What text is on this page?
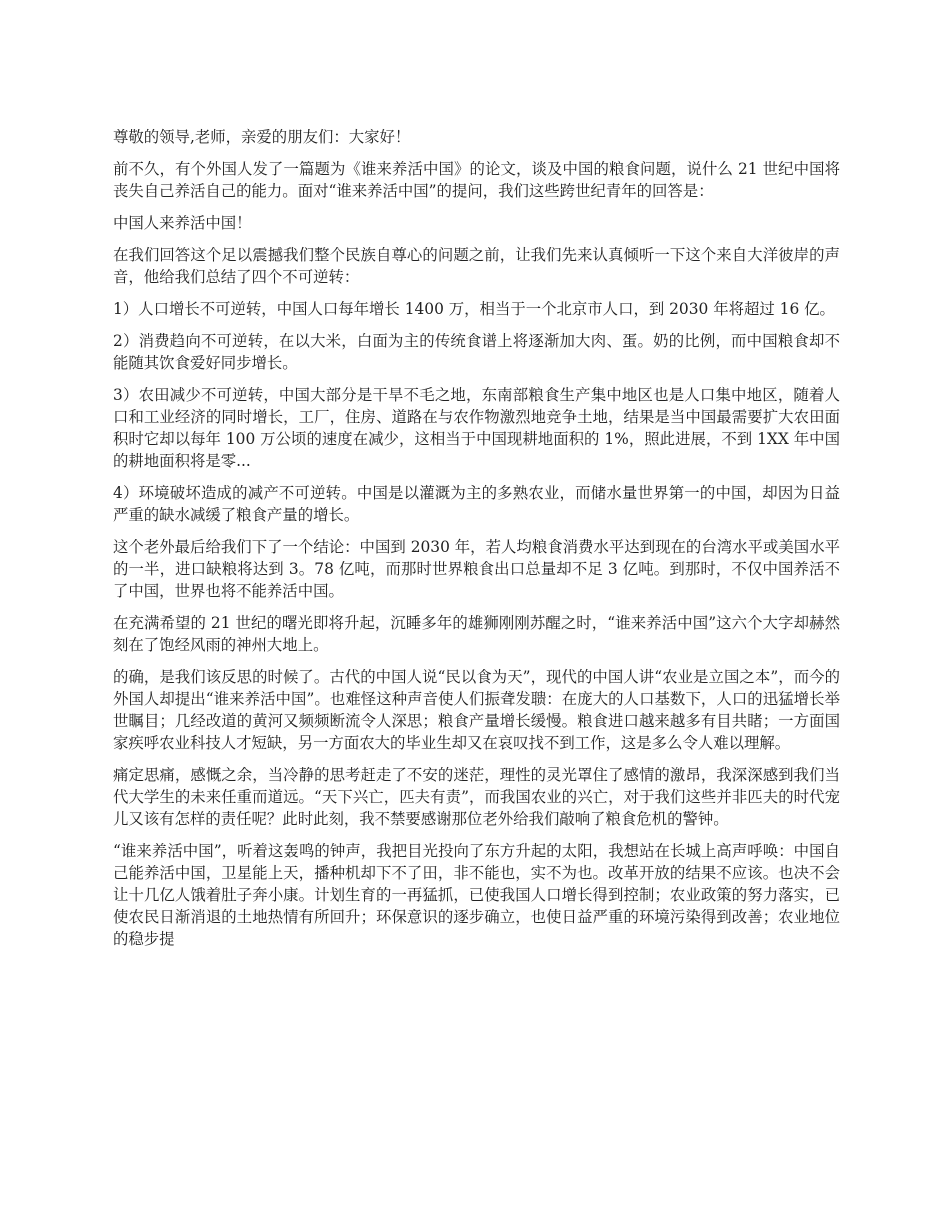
尊敬的领导,老师，亲爱的朋友们：大家好！

前不久，有个外国人发了一篇题为《谁来养活中国》的论文，谈及中国的粮食问题，说什么 21 世纪中国将丧失自己养活自己的能力。面对“谁来养活中国”的提问，我们这些跨世纪青年的回答是：

中国人来养活中国！

在我们回答这个足以震撼我们整个民族自尊心的问题之前，让我们先来认真倾听一下这个来自大洋彼岸的声音，他给我们总结了四个不可逆转：

1）人口增长不可逆转，中国人口每年增长 1400 万，相当于一个北京市人口，到 2030 年将超过 16 亿。

2）消费趋向不可逆转，在以大米，白面为主的传统食谱上将逐渐加大肉、蛋。奶的比例，而中国粮食却不能随其饮食爱好同步增长。

3）农田减少不可逆转，中国大部分是干旱不毛之地，东南部粮食生产集中地区也是人口集中地区，随着人口和工业经济的同时增长，工厂，住房、道路在与农作物激烈地竞争土地，结果是当中国最需要扩大农田面积时它却以每年 100 万公顷的速度在减少，这相当于中国现耕地面积的 1%，照此进展，不到 1XX 年中国的耕地面积将是零...

4）环境破坏造成的减产不可逆转。中国是以灌溉为主的多熟农业，而储水量世界第一的中国，却因为日益严重的缺水减缓了粮食产量的增长。

这个老外最后给我们下了一个结论：中国到 2030 年，若人均粮食消费水平达到现在的台湾水平或美国水平的一半，进口缺粮将达到 3。78 亿吨，而那时世界粮食出口总量却不足 3 亿吨。到那时，不仅中国养活不了中国，世界也将不能养活中国。

在充满希望的 21 世纪的曙光即将升起，沉睡多年的雄狮刚刚苏醒之时，“谁来养活中国”这六个大字却赫然刻在了饱经风雨的神州大地上。

的确，是我们该反思的时候了。古代的中国人说“民以食为天”，现代的中国人讲“农业是立国之本”，而今的外国人却提出“谁来养活中国”。也难怪这种声音使人们振聋发聩：在庞大的人口基数下，人口的迅猛增长举世瞩目；几经改道的黄河又频频断流令人深思；粮食产量增长缓慢。粮食进口越来越多有目共睹；一方面国家疾呼农业科技人才短缺，另一方面农大的毕业生却又在哀叹找不到工作，这是多么令人难以理解。

痛定思痛，感慨之余，当冷静的思考赶走了不安的迷茫，理性的灵光罩住了感情的激昂，我深深感到我们当代大学生的未来任重而道远。“天下兴亡，匹夫有责”，而我国农业的兴亡，对于我们这些并非匹夫的时代宠儿又该有怎样的责任呢？此时此刻，我不禁要感谢那位老外给我们敲响了粮食危机的警钟。

“谁来养活中国”，听着这轰鸣的钟声，我把目光投向了东方升起的太阳，我想站在长城上高声呼唤：中国自己能养活中国，卫星能上天，播种机却下不了田，非不能也，实不为也。改革开放的结果不应该。也决不会让十几亿人饿着肚子奔小康。计划生育的一再猛抓，已使我国人口增长得到控制；农业政策的努力落实，已使农民日渐消退的土地热情有所回升；环保意识的逐步确立，也使日益严重的环境污染得到改善；农业地位的稳步提
